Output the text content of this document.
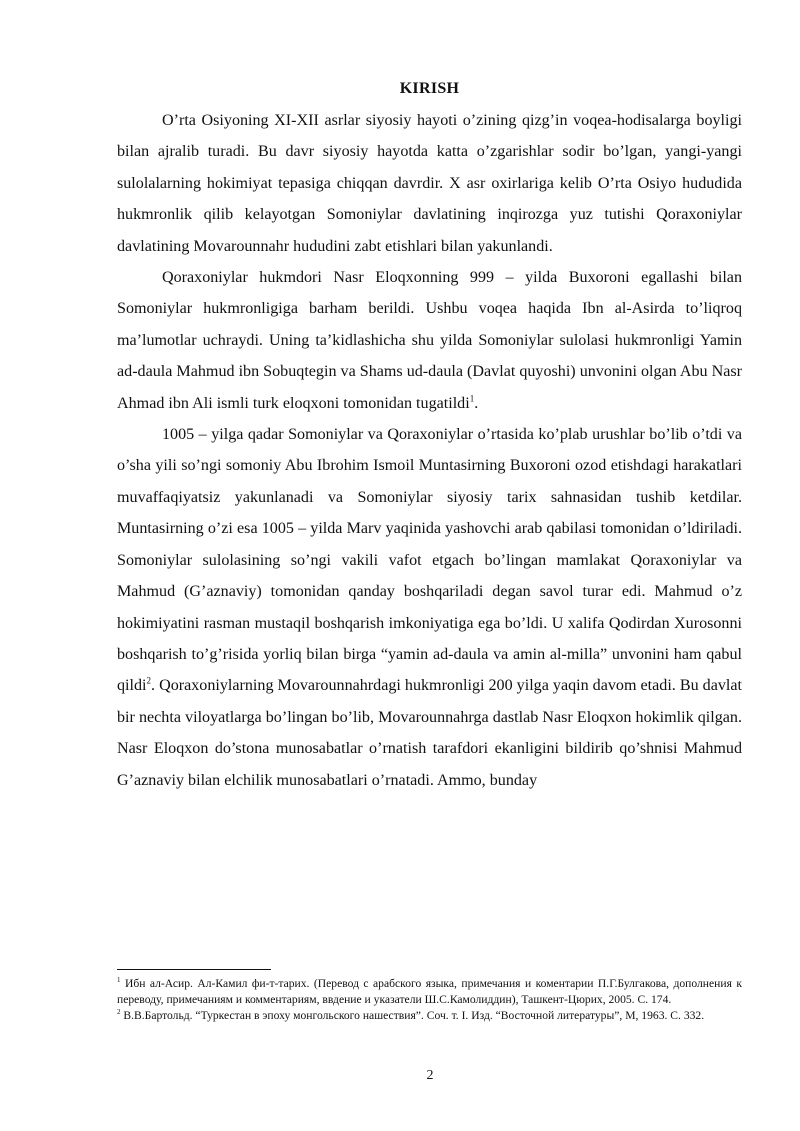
KIRISH

O’rta Osiyoning XI-XII asrlar siyosiy hayoti o’zining qizg’in voqea-hodisalarga boyligi bilan ajralib turadi. Bu davr siyosiy hayotda katta o’zgarishlar sodir bo’lgan, yangi-yangi sulolalarning hokimiyat tepasiga chiqqan davrdir. X asr oxirlariga kelib O’rta Osiyo hududida hukmronlik qilib kelayotgan Somoniylar davlatining inqirozga yuz tutishi Qoraxoniylar davlatining Movarounnahr hududini zabt etishlari bilan yakunlandi.

Qoraxoniylar hukmdori Nasr Eloqxonning 999 – yilda Buxoroni egallashi bilan Somoniylar hukmronligiga barham berildi. Ushbu voqea haqida Ibn al-Asirda to’liqroq ma’lumotlar uchraydi. Uning ta’kidlashicha shu yilda Somoniylar sulolasi hukmronligi Yamin ad-daula Mahmud ibn Sobuqtegin va Shams ud-daula (Davlat quyoshi) unvonini olgan Abu Nasr Ahmad ibn Ali ismli turk eloqxoni tomonidan tugatildi$^1$.

1005 – yilga qadar Somoniylar va Qoraxoniylar o’rtasida ko’plab urushlar bo’lib o’tdi va o’sha yili so’ngi somoniy Abu Ibrohim Ismoil Muntasirning Buxoroni ozod etishdagi harakatlari muvaffaqiyatsiz yakunlanadi va Somoniylar siyosiy tarix sahnasidan tushib ketdilar. Muntasirning o’zi esa 1005 – yilda Marv yaqinida yashovchi arab qabilasi tomonidan o’ldiriladi. Somoniylar sulolasining so’ngi vakili vafot etgach bo’lingan mamlakat Qoraxoniylar va Mahmud (G’aznaviy) tomonidan qanday boshqariladi degan savol turar edi. Mahmud o’z hokimiyatini rasman mustaqil boshqarish imkoniyatiga ega bo’ldi. U xalifa Qodirdan Xurosonni boshqarish to’g’risida yorliq bilan birga “yamin ad-daula va amin al-milla” unvonini ham qabul qildi$^2$. Qoraxoniylarning Movarounnahrdagi hukmronligi 200 yilga yaqin davom etadi. Bu davlat bir nechta viloyatlarga bo’lingan bo’lib, Movarounnahrga dastlab Nasr Eloqxon hokimlik qilgan. Nasr Eloqxon do’stona munosabatlar o’rnatish tarafdori ekanligini bildirib qo’shnisi Mahmud G’aznaviy bilan elchilik munosabatlari o’rnatadi. Ammo, bunday

$^1$ Ибн ал-Асир. Ал-Камил фи-т-тарих. (Перевод с арабского языка, примечания и коментарии П.Г.Булгакова, дополнения к переводу, примечаниям и комментариям, ввдение и указатели Ш.С.Камолиддин), Ташкент-Цюрих, 2005. С. 174.

$^2$ В.В.Бартольд. “Туркестан в эпоху монгольского нашествия”. Соч. т. I. Изд. “Восточной литературы”, М, 1963. С. 332.

2
